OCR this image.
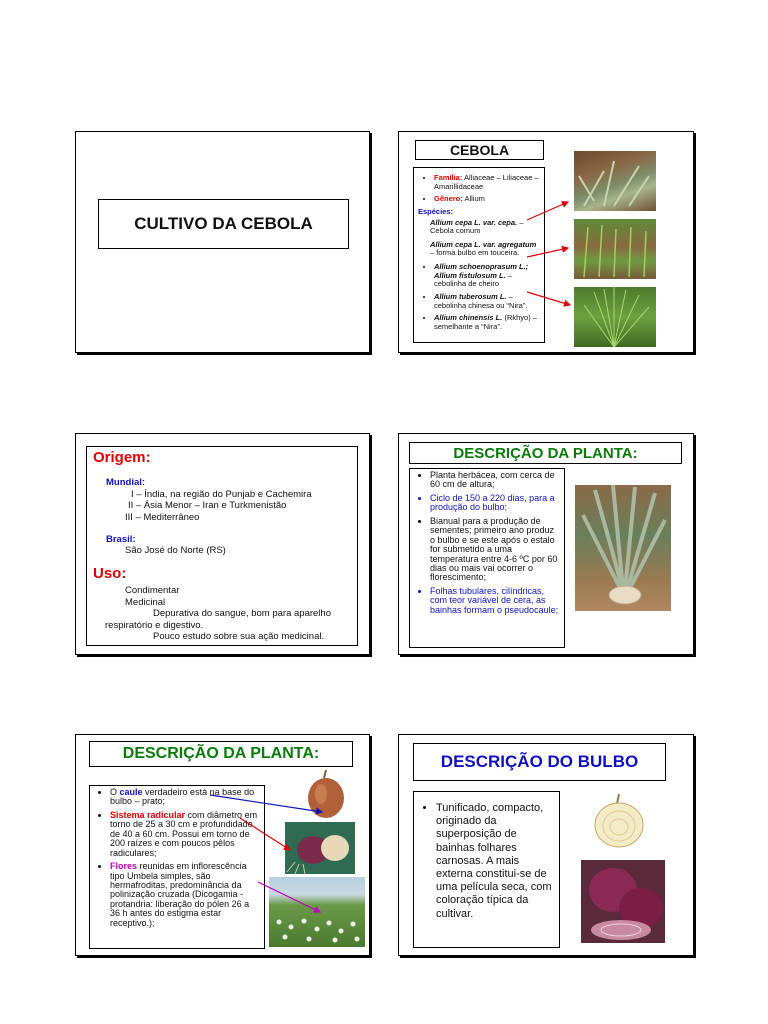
CULTIVO DA CEBOLA
CEBOLA
• Família: Alliaceae – Liliaceae – Amarillidaceae
• Gênero: Allium
Espécies:
Allium cepa L. var. cepa. – Cebola comum
Allium cepa L. var. agregatum – forma bulbo em touceira.
• Allium schoenoprasum L.; Allium fistulosum L. – cebolinha de cheiro
• Allium tuberosum L. – cebolinha chinesa ou “Nira”.
• Allium chinensis L. (Rkhyo) – semelhante a “Nira”.
Origem:
Mundial:
I – Índia, na região do Punjab e Cachemira
II – Ásia Menor – Iran e Turkmenistão
III – Mediterrâneo
Brasil:
São José do Norte (RS)
Uso:
Condimentar
Medicinal
Depurativa do sangue, bom para aparelho respiratório e digestivo.
Pouco estudo sobre sua ação medicinal.
DESCRIÇÃO DA PLANTA:
• Planta herbácea, com cerca de 60 cm de altura;
• Ciclo de 150 a 220 dias, para a produção do bulbo;
• Bianual para a produção de sementes; primeiro ano produz o bulbo e se este após o estalo for submetido a uma temperatura entre 4-6 ºC por 60 dias ou mais vai ocorrer o florescimento;
• Folhas tubulares, cilíndricas, com teor variável de cera, as bainhas formam o pseudocaule;
DESCRIÇÃO DA PLANTA:
• O caule verdadeiro está na base do bulbo – prato;
• Sistema radicular com diâmetro em torno de 25 a 30 cm e profundidade de 40 a 60 cm. Possui em torno de 200 raízes e com poucos pêlos radiculares;
• Flores reunidas em inflorescência tipo Umbela simples, são hermafroditas, predominância da polinização cruzada (Dicogamia - protandria: liberação do pólen 26 a 36 h antes do estigma estar receptivo.);
DESCRIÇÃO DO BULBO
• Tunificado, compacto, originado da superposição de bainhas folhares carnosas. A mais externa constitui-se de uma película seca, com coloração típica da cultivar.
